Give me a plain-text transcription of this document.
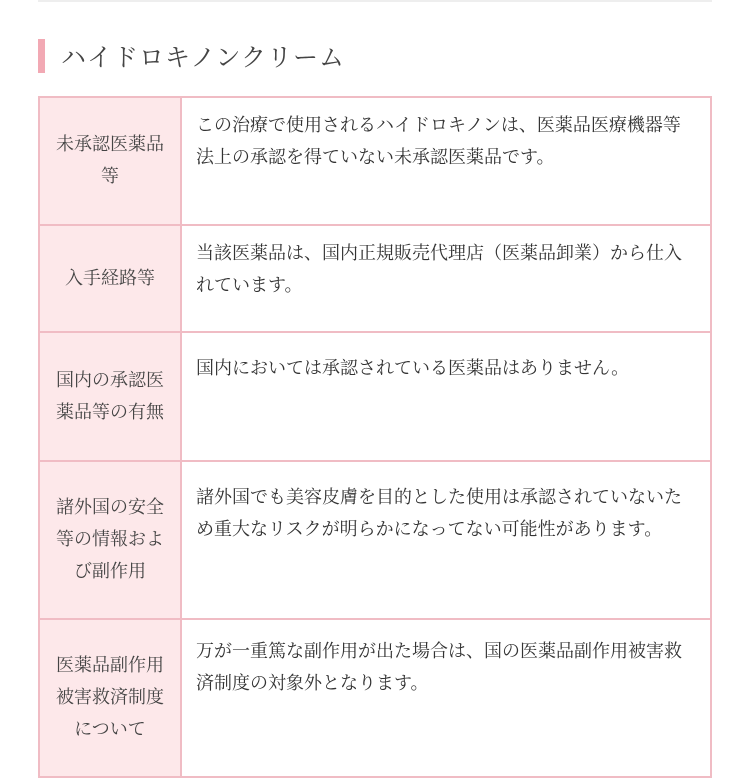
ハイドロキノンクリーム
未承認医薬品等	この治療で使用されるハイドロキノンは、医薬品医療機器等法上の承認を得ていない未承認医薬品です。

入手経路等	当該医薬品は、国内正規販売代理店（医薬品卸業）から仕入れています。

国内の承認医薬品等の有無	国内においては承認されている医薬品はありません。

諸外国の安全等の情報および副作用	諸外国でも美容皮膚を目的とした使用は承認されていないため重大なリスクが明らかになってない可能性があります。

医薬品副作用被害救済制度について	万が一重篤な副作用が出た場合は、国の医薬品副作用被害救済制度の対象外となります。
